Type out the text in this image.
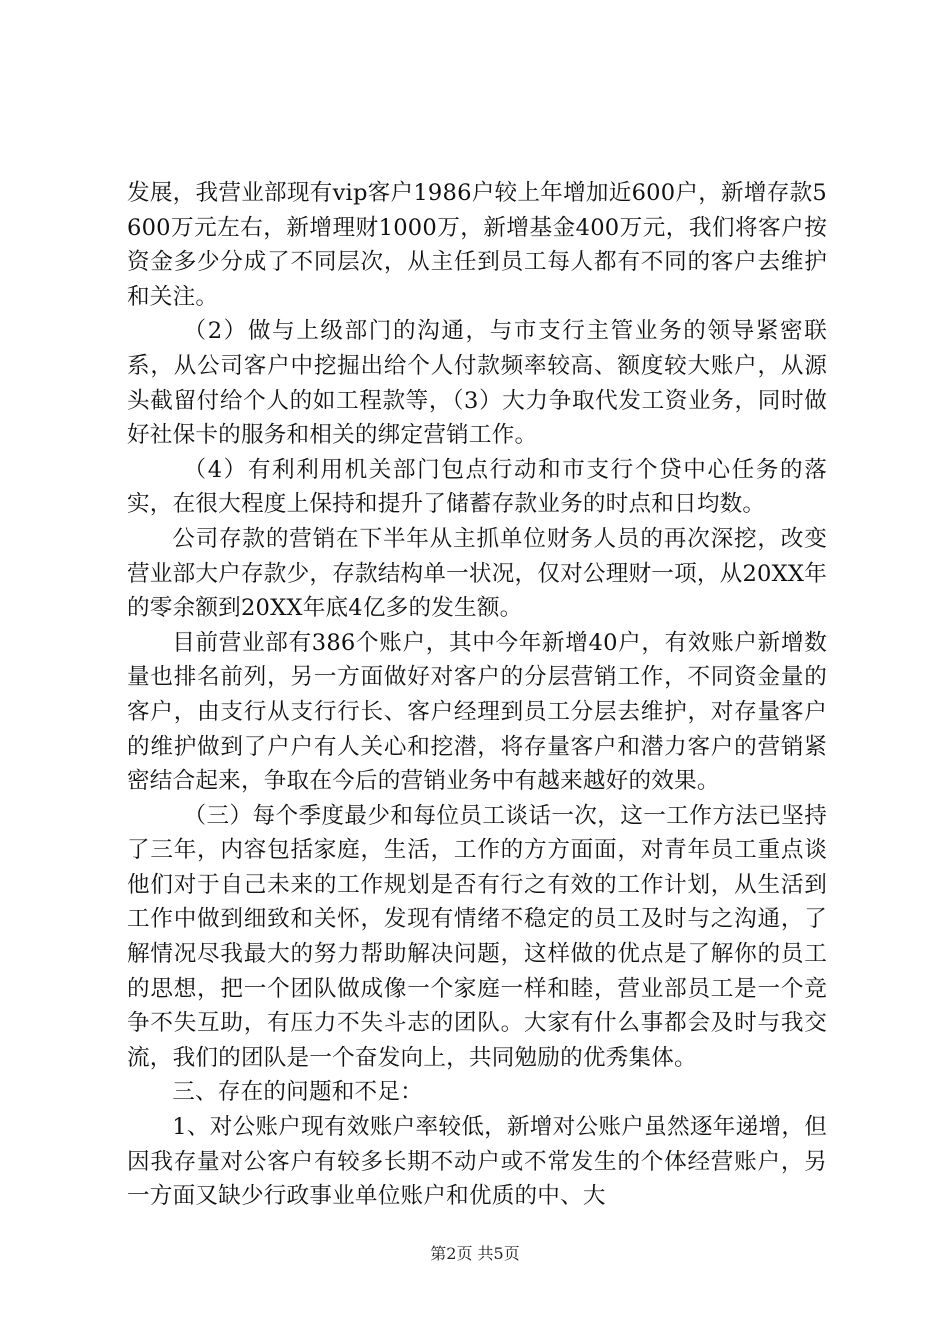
发展，我营业部现有vip客户1986户较上年增加近600户，新增存款5600万元左右，新增理财1000万，新增基金400万元，我们将客户按资金多少分成了不同层次，从主任到员工每人都有不同的客户去维护和关注。

（2）做与上级部门的沟通，与市支行主管业务的领导紧密联系，从公司客户中挖掘出给个人付款频率较高、额度较大账户，从源头截留付给个人的如工程款等，（3）大力争取代发工资业务，同时做好社保卡的服务和相关的绑定营销工作。

（4）有利利用机关部门包点行动和市支行个贷中心任务的落实，在很大程度上保持和提升了储蓄存款业务的时点和日均数。

公司存款的营销在下半年从主抓单位财务人员的再次深挖，改变营业部大户存款少，存款结构单一状况，仅对公理财一项，从20XX年的零余额到20XX年底4亿多的发生额。

目前营业部有386个账户，其中今年新增40户，有效账户新增数量也排名前列，另一方面做好对客户的分层营销工作，不同资金量的客户，由支行从支行行长、客户经理到员工分层去维护，对存量客户的维护做到了户户有人关心和挖潜，将存量客户和潜力客户的营销紧密结合起来，争取在今后的营销业务中有越来越好的效果。

（三）每个季度最少和每位员工谈话一次，这一工作方法已坚持了三年，内容包括家庭，生活，工作的方方面面，对青年员工重点谈他们对于自己未来的工作规划是否有行之有效的工作计划，从生活到工作中做到细致和关怀，发现有情绪不稳定的员工及时与之沟通，了解情况尽我最大的努力帮助解决问题，这样做的优点是了解你的员工的思想，把一个团队做成像一个家庭一样和睦，营业部员工是一个竞争不失互助，有压力不失斗志的团队。大家有什么事都会及时与我交流，我们的团队是一个奋发向上，共同勉励的优秀集体。

三、存在的问题和不足：

1、对公账户现有效账户率较低，新增对公账户虽然逐年递增，但因我存量对公客户有较多长期不动户或不常发生的个体经营账户，另一方面又缺少行政事业单位账户和优质的中、大

第2页 共5页
